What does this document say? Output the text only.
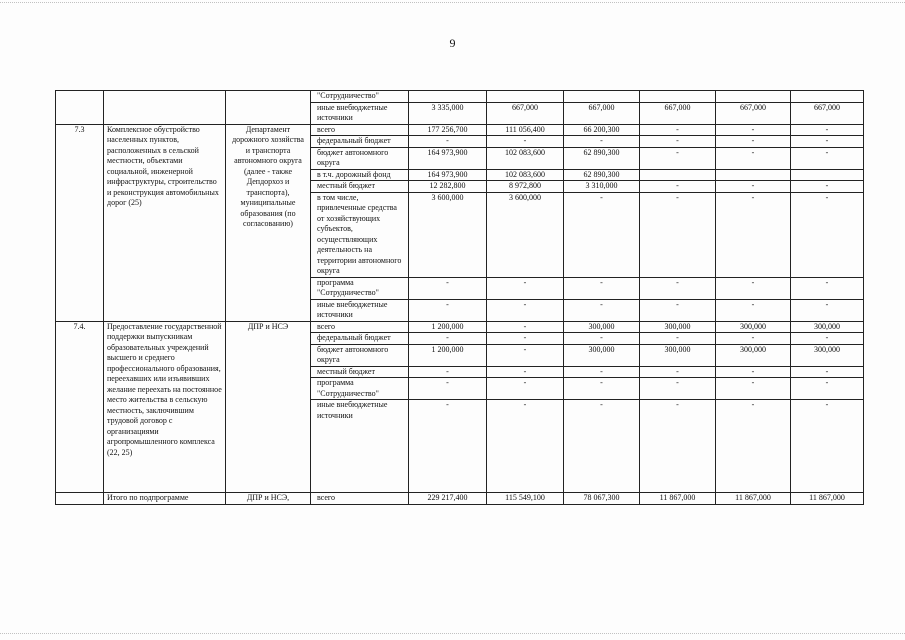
9
			"Сотрудничество"						
			иные внебюджетные источники	3 335,000	667,000	667,000	667,000	667,000	667,000
7.3	Комплексное обустройство населенных пунктов, расположенных в сельской местности, объектами социальной, инженерной инфраструктуры, строительство и реконструкция автомобильных дорог (25)	Департамент дорожного хозяйства и транспорта автономного округа (далее - также Депдорхоз и транспорта), муниципальные образования (по согласованию)	всего	177 256,700	111 056,400	66 200,300	-	-	-
			федеральный бюджет	-	-	-	-	-	-
			бюджет автономного округа	164 973,900	102 083,600	62 890,300	-	-	-
			в т.ч. дорожный фонд	164 973,900	102 083,600	62 890,300			
			местный бюджет	12 282,800	8 972,800	3 310,000	-	-	-
			в том числе, привлеченные средства от хозяйствующих субъектов, осуществляющих деятельность на территории автономного округа	3 600,000	3 600,000	-	-	-	-
			программа "Сотрудничество"	-	-	-	-	-	-
			иные внебюджетные источники	-	-	-	-	-	-
7.4.	Предоставление государственной поддержки выпускникам образовательных учреждений высшего и среднего профессионального образования, переехавших или изъявивших желание переехать на постоянное место жительства в сельскую местность, заключившим трудовой договор с организациями агропромышленного комплекса (22, 25)	ДПР и НСЭ	всего	1 200,000	-	300,000	300,000	300,000	300,000
			федеральный бюджет	-	-	-	-	-	-
			бюджет автономного округа	1 200,000	-	300,000	300,000	300,000	300,000
			местный бюджет	-	-	-	-	-	-
			программа "Сотрудничество"	-	-	-	-	-	-
			иные внебюджетные источники	-	-	-	-	-	-
	Итого по подпрограмме	ДПР и НСЭ,	всего	229 217,400	115 549,100	78 067,300	11 867,000	11 867,000	11 867,000
